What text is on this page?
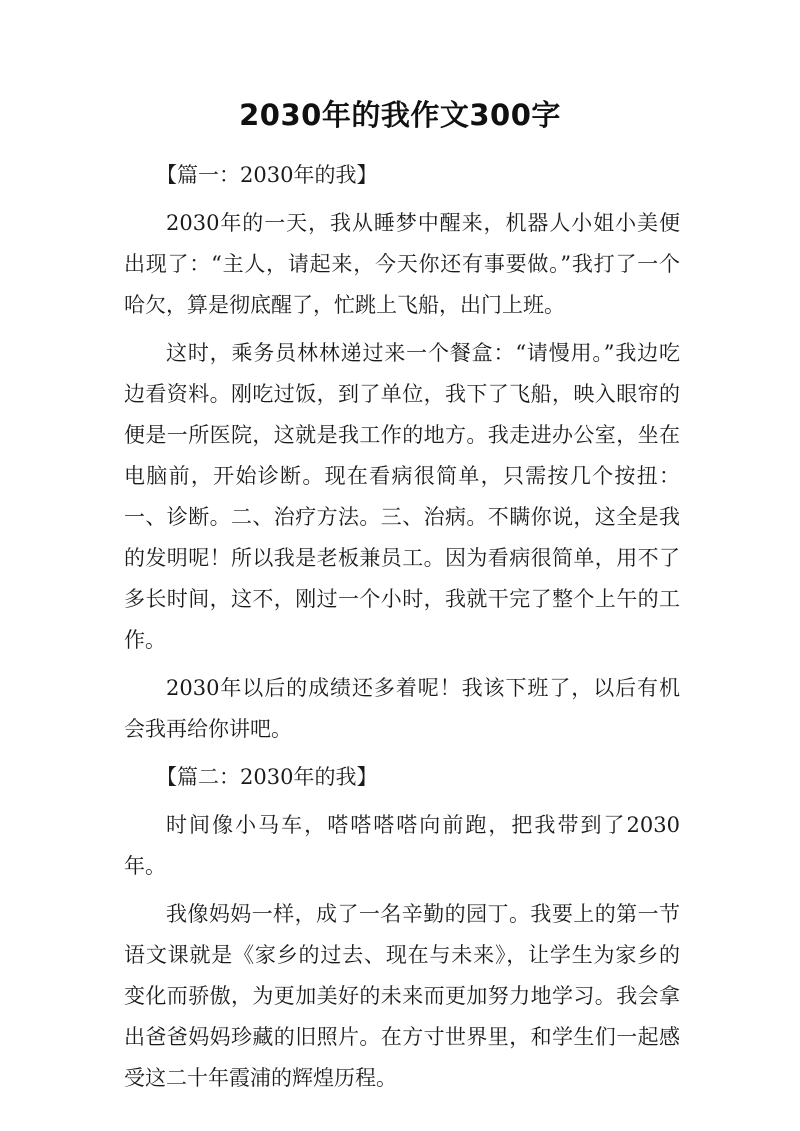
2030年的我作文300字

【篇一：2030年的我】

2030年的一天，我从睡梦中醒来，机器人小姐小美便出现了：“主人，请起来，今天你还有事要做。”我打了一个哈欠，算是彻底醒了，忙跳上飞船，出门上班。

这时，乘务员林林递过来一个餐盒：“请慢用。”我边吃边看资料。刚吃过饭，到了单位，我下了飞船，映入眼帘的便是一所医院，这就是我工作的地方。我走进办公室，坐在电脑前，开始诊断。现在看病很简单，只需按几个按扭：一、诊断。二、治疗方法。三、治病。不瞒你说，这全是我的发明呢！所以我是老板兼员工。因为看病很简单，用不了多长时间，这不，刚过一个小时，我就干完了整个上午的工作。

2030年以后的成绩还多着呢！我该下班了，以后有机会我再给你讲吧。

【篇二：2030年的我】

时间像小马车，嗒嗒嗒嗒向前跑，把我带到了2030年。

我像妈妈一样，成了一名辛勤的园丁。我要上的第一节语文课就是《家乡的过去、现在与未来》，让学生为家乡的变化而骄傲，为更加美好的未来而更加努力地学习。我会拿出爸爸妈妈珍藏的旧照片。在方寸世界里，和学生们一起感受这二十年霞浦的辉煌历程。
